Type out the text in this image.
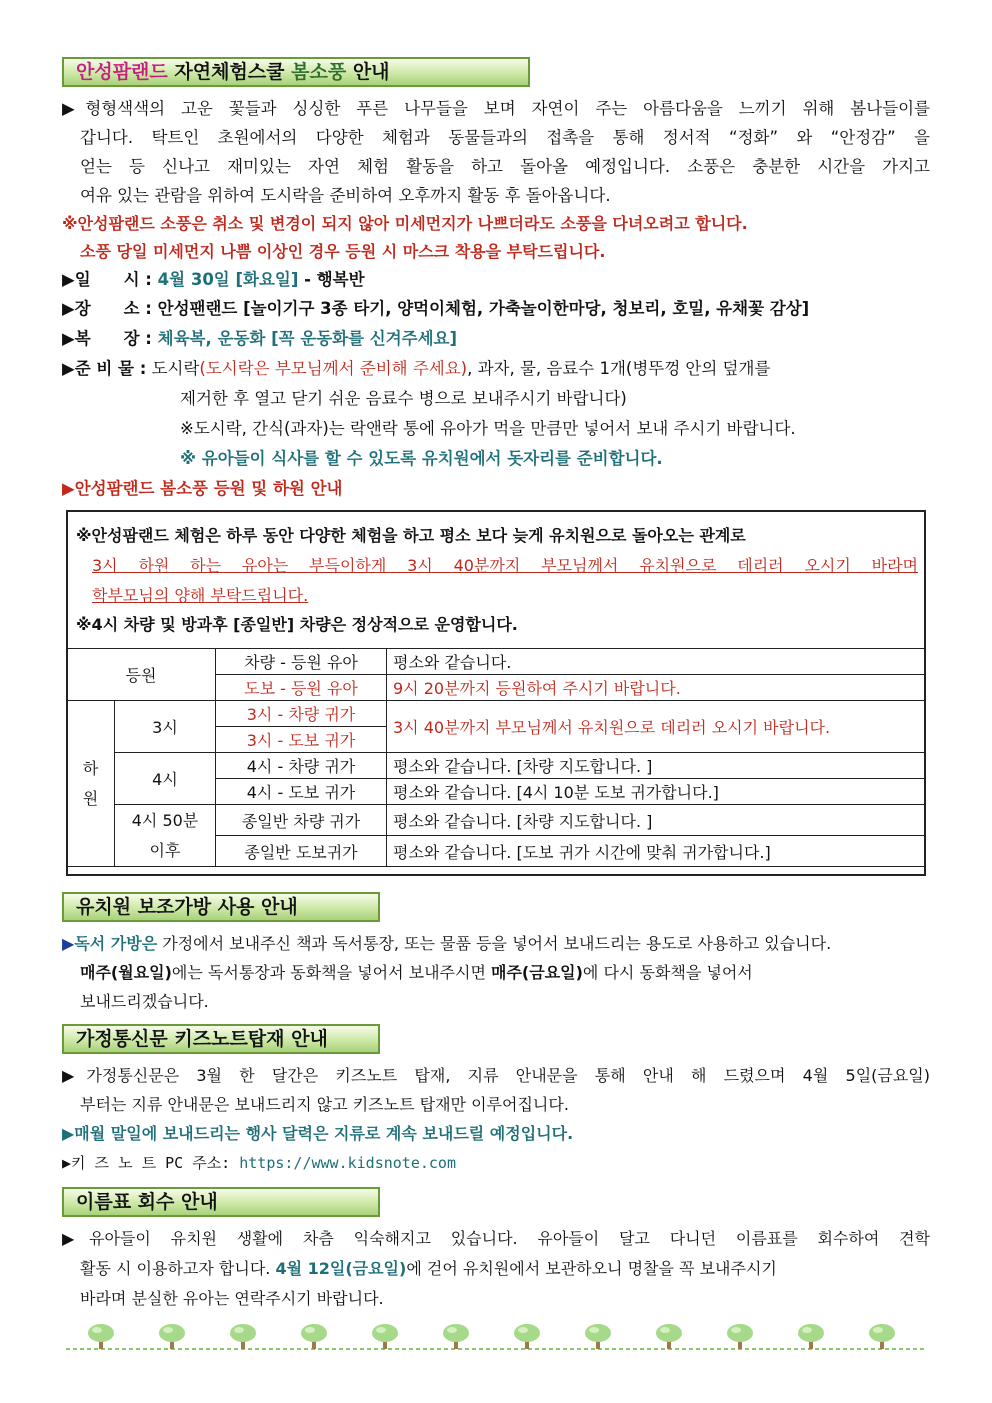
안성팜랜드 자연체험스쿨 봄소풍 안내
▶형형색색의 고운 꽃들과 싱싱한 푸른 나무들을 보며 자연이 주는 아름다움을 느끼기 위해 봄나들이를
갑니다. 탁트인 초원에서의 다양한 체험과 동물들과의 접촉을 통해 정서적 “정화” 와 “안정감” 을
얻는 등 신나고 재미있는 자연 체험 활동을 하고 돌아올 예정입니다. 소풍은 충분한 시간을 가지고
여유 있는 관람을 위하여 도시락을 준비하여 오후까지 활동 후 돌아옵니다.
※안성팜랜드 소풍은 취소 및 변경이 되지 않아 미세먼지가 나쁘더라도 소풍을 다녀오려고 합니다.
소풍 당일 미세먼지 나쁨 이상인 경우 등원 시 마스크 착용을 부탁드립니다.
▶일　　시 : 4월 30일 [화요일] - 행복반
▶장　　소 : 안성팬랜드 [놀이기구 3종 타기, 양먹이체험, 가축놀이한마당, 청보리, 호밀, 유채꽃 감상]
▶복　　장 : 체육복, 운동화 [꼭 운동화를 신겨주세요]
▶준 비 물 : 도시락(도시락은 부모님께서 준비해 주세요), 과자, 물, 음료수 1개(병뚜껑 안의 덮개를
제거한 후 열고 닫기 쉬운 음료수 병으로 보내주시기 바랍니다)
※도시락, 간식(과자)는 락앤락 통에 유아가 먹을 만큼만 넣어서 보내 주시기 바랍니다.
※ 유아들이 식사를 할 수 있도록 유치원에서 돗자리를 준비합니다.
▶안성팜랜드 봄소풍 등원 및 하원 안내
※안성팜랜드 체험은 하루 동안 다양한 체험을 하고 평소 보다 늦게 유치원으로 돌아오는 관계로
3시 하원 하는 유아는 부득이하게 3시 40분까지 부모님께서 유치원으로 데리러 오시기 바라며
학부모님의 양해 부탁드립니다.
※4시 차량 및 방과후 [종일반] 차량은 정상적으로 운영합니다.
등원		차량 - 등원 유아	평소와 같습니다.
		도보 - 등원 유아	9시 20분까지 등원하여 주시기 바랍니다.
하
원	3시	3시 - 차량 귀가	3시 40분까지 부모님께서 유치원으로 데리러 오시기 바랍니다.
		3시 - 도보 귀가	
	4시	4시 - 차량 귀가	평소와 같습니다. [차량 지도합니다. ]
		4시 - 도보 귀가	평소와 같습니다. [4시 10분 도보 귀가합니다.]
	4시 50분
이후	종일반 차량 귀가	평소와 같습니다. [차량 지도합니다. ]
		종일반 도보귀가	평소와 같습니다. [도보 귀가 시간에 맞춰 귀가합니다.]
유치원 보조가방 사용 안내
▶독서 가방은 가정에서 보내주신 책과 독서통장, 또는 물품 등을 넣어서 보내드리는 용도로 사용하고 있습니다.
매주(월요일)에는 독서통장과 동화책을 넣어서 보내주시면 매주(금요일)에 다시 동화책을 넣어서
보내드리겠습니다.
가정통신문 키즈노트탑재 안내
▶가정통신문은 3월 한 달간은 키즈노트 탑재, 지류 안내문을 통해 안내 해 드렸으며 4월 5일(금요일)
부터는 지류 안내문은 보내드리지 않고 키즈노트 탑재만 이루어집니다.
▶매월 말일에 보내드리는 행사 달력은 지류로 계속 보내드릴 예정입니다.
▶키 즈 노 트 PC 주소: https://www.kidsnote.com
이름표 회수 안내
▶유아들이 유치원 생활에 차츰 익숙해지고 있습니다. 유아들이 달고 다니던 이름표를 회수하여 견학
활동 시 이용하고자 합니다. 4월 12일(금요일)에 걷어 유치원에서 보관하오니 명찰을 꼭 보내주시기
바라며 분실한 유아는 연락주시기 바랍니다.
